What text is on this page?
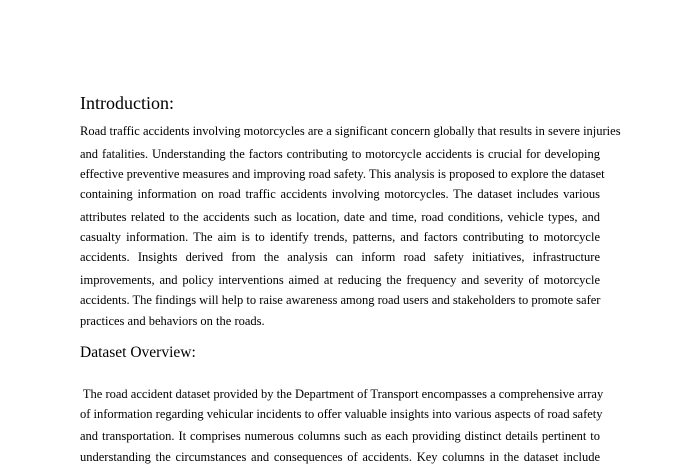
Introduction:
Road traffic accidents involving motorcycles are a significant concern globally that results in severe injuries
and fatalities. Understanding the factors contributing to motorcycle accidents is crucial for developing
effective preventive measures and improving road safety. This analysis is proposed to explore the dataset
containing information on road traffic accidents involving motorcycles. The dataset includes various
attributes related to the accidents such as location, date and time, road conditions, vehicle types, and
casualty information. The aim is to identify trends, patterns, and factors contributing to motorcycle
accidents. Insights derived from the analysis can inform road safety initiatives, infrastructure
improvements, and policy interventions aimed at reducing the frequency and severity of motorcycle
accidents. The findings will help to raise awareness among road users and stakeholders to promote safer
practices and behaviors on the roads.
Dataset Overview:
The road accident dataset provided by the Department of Transport encompasses a comprehensive array
of information regarding vehicular incidents to offer valuable insights into various aspects of road safety
and transportation. It comprises numerous columns such as each providing distinct details pertinent to
understanding the circumstances and consequences of accidents. Key columns in the dataset include
